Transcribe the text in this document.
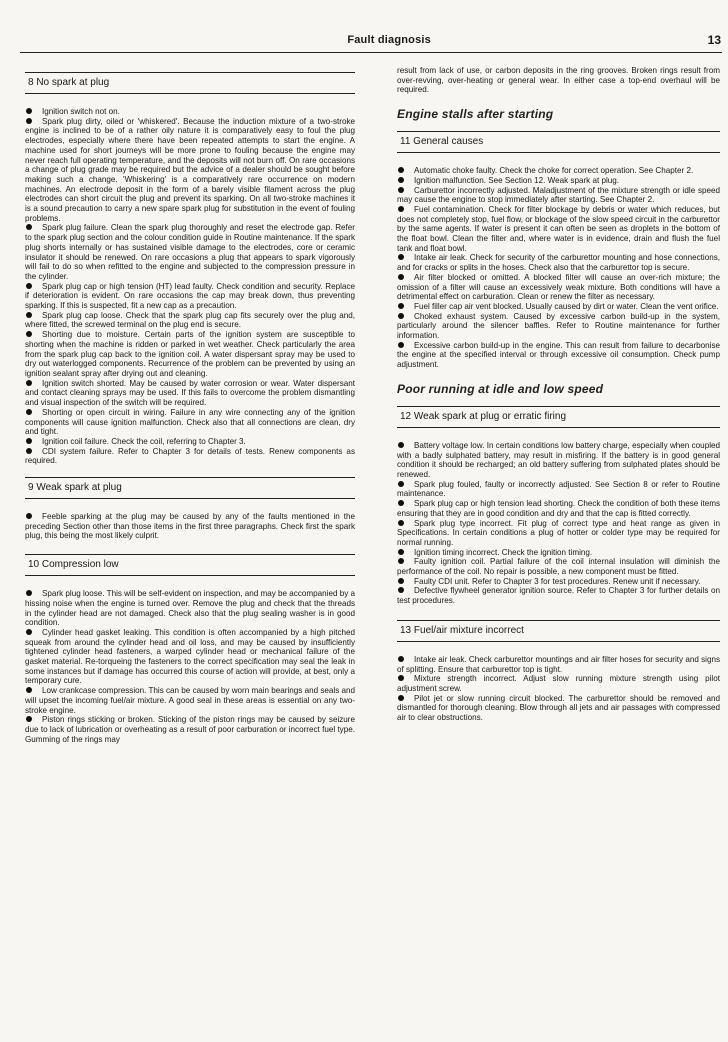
Fault diagnosis	13
8 No spark at plug

Ignition switch not on.

Spark plug dirty, oiled or 'whiskered'. Because the induction mixture of a two-stroke engine is inclined to be of a rather oily nature it is comparatively easy to foul the plug electrodes, especially where there have been repeated attempts to start the engine. A machine used for short journeys will be more prone to fouling because the engine may never reach full operating temperature, and the deposits will not burn off. On rare occasions a change of plug grade may be required but the advice of a dealer should be sought before making such a change. 'Whiskering' is a comparatively rare occurrence on modern machines. An electrode deposit in the form of a barely visible filament across the plug electrodes can short circuit the plug and prevent its sparking. On all two-stroke machines it is a sound precaution to carry a new spare spark plug for substitution in the event of fouling problems.

Spark plug failure. Clean the spark plug thoroughly and reset the electrode gap. Refer to the spark plug section and the colour condition guide in Routine maintenance. If the spark plug shorts internally or has sustained visible damage to the electrodes, core or ceramic insulator it should be renewed. On rare occasions a plug that appears to spark vigorously will fail to do so when refitted to the engine and subjected to the compression pressure in the cylinder.

Spark plug cap or high tension (HT) lead faulty. Check condition and security. Replace if deterioration is evident. On rare occasions the cap may break down, thus preventing sparking. If this is suspected, fit a new cap as a precaution.

Spark plug cap loose. Check that the spark plug cap fits securely over the plug and, where fitted, the screwed terminal on the plug end is secure.

Shorting due to moisture. Certain parts of the ignition system are susceptible to shorting when the machine is ridden or parked in wet weather. Check particularly the area from the spark plug cap back to the ignition coil. A water dispersant spray may be used to dry out waterlogged components. Recurrence of the problem can be prevented by using an ignition sealant spray after drying out and cleaning.

Ignition switch shorted. May be caused by water corrosion or wear. Water dispersant and contact cleaning sprays may be used. If this fails to overcome the problem dismantling and visual inspection of the switch will be required.

Shorting or open circuit in wiring. Failure in any wire connecting any of the ignition components will cause ignition malfunction. Check also that all connections are clean, dry and tight.

Ignition coil failure. Check the coil, referring to Chapter 3.

CDI system failure. Refer to Chapter 3 for details of tests. Renew components as required.

9 Weak spark at plug

Feeble sparking at the plug may be caused by any of the faults mentioned in the preceding Section other than those items in the first three paragraphs. Check first the spark plug, this being the most likely culprit.

10 Compression low

Spark plug loose. This will be self-evident on inspection, and may be accompanied by a hissing noise when the engine is turned over. Remove the plug and check that the threads in the cylinder head are not damaged. Check also that the plug sealing washer is in good condition.

Cylinder head gasket leaking. This condition is often accompanied by a high pitched squeak from around the cylinder head and oil loss, and may be caused by insufficiently tightened cylinder head fasteners, a warped cylinder head or mechanical failure of the gasket material. Re-torqueing the fasteners to the correct specification may seal the leak in some instances but if damage has occurred this course of action will provide, at best, only a temporary cure.

Low crankcase compression. This can be caused by worn main bearings and seals and will upset the incoming fuel/air mixture. A good seal in these areas is essential on any two-stroke engine.

Piston rings sticking or broken. Sticking of the piston rings may be caused by seizure due to lack of lubrication or overheating as a result of poor carburation or incorrect fuel type. Gumming of the rings may

result from lack of use, or carbon deposits in the ring grooves. Broken rings result from over-revving, over-heating or general wear. In either case a top-end overhaul will be required.

Engine stalls after starting
11 General causes

Automatic choke faulty. Check the choke for correct operation. See Chapter 2.

Ignition malfunction. See Section 12. Weak spark at plug.

Carburettor incorrectly adjusted. Maladjustment of the mixture strength or idle speed may cause the engine to stop immediately after starting. See Chapter 2.

Fuel contamination. Check for filter blockage by debris or water which reduces, but does not completely stop, fuel flow, or blockage of the slow speed circuit in the carburettor by the same agents. If water is present it can often be seen as droplets in the bottom of the float bowl. Clean the filter and, where water is in evidence, drain and flush the fuel tank and float bowl.

Intake air leak. Check for security of the carburettor mounting and hose connections, and for cracks or splits in the hoses. Check also that the carburettor top is secure.

Air filter blocked or omitted. A blocked filter will cause an over-rich mixture; the omission of a filter will cause an excessively weak mixture. Both conditions will have a detrimental effect on carburation. Clean or renew the filter as necessary.

Fuel filler cap air vent blocked. Usually caused by dirt or water. Clean the vent orifice.

Choked exhaust system. Caused by excessive carbon build-up in the system, particularly around the silencer baffles. Refer to Routine maintenance for further information.

Excessive carbon build-up in the engine. This can result from failure to decarbonise the engine at the specified interval or through excessive oil consumption. Check pump adjustment.

Poor running at idle and low speed
12 Weak spark at plug or erratic firing

Battery voltage low. In certain conditions low battery charge, especially when coupled with a badly sulphated battery, may result in misfiring. If the battery is in good general condition it should be recharged; an old battery suffering from sulphated plates should be renewed.

Spark plug fouled, faulty or incorrectly adjusted. See Section 8 or refer to Routine maintenance.

Spark plug cap or high tension lead shorting. Check the condition of both these items ensuring that they are in good condition and dry and that the cap is fitted correctly.

Spark plug type incorrect. Fit plug of correct type and heat range as given in Specifications. In certain conditions a plug of hotter or colder type may be required for normal running.

Ignition timing incorrect. Check the ignition timing.

Faulty ignition coil. Partial failure of the coil internal insulation will diminish the performance of the coil. No repair is possible, a new component must be fitted.

Faulty CDI unit. Refer to Chapter 3 for test procedures. Renew unit if necessary.

Defective flywheel generator ignition source. Refer to Chapter 3 for further details on test procedures.

13 Fuel/air mixture incorrect

Intake air leak. Check carburettor mountings and air filter hoses for security and signs of splitting. Ensure that carburettor top is tight.

Mixture strength incorrect. Adjust slow running mixture strength using pilot adjustment screw.

Pilot jet or slow running circuit blocked. The carburettor should be removed and dismantled for thorough cleaning. Blow through all jets and air passages with compressed air to clear obstructions.
